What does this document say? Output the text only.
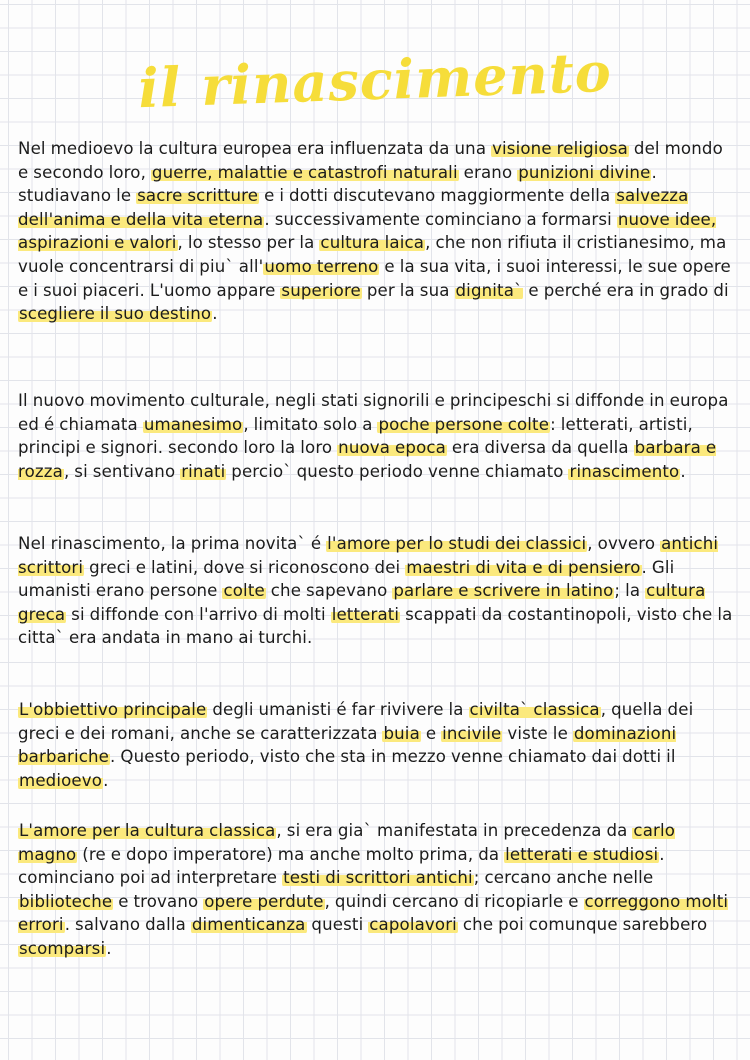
il rinascimento

Nel medioevo la cultura europea era influenzata da una visione religiosa del mondo e secondo loro, guerre, malattie e catastrofi naturali erano punizioni divine. studiavano le sacre scritture e i dotti discutevano maggiormente della salvezza dell'anima e della vita eterna. successivamente cominciano a formarsi nuove idee, aspirazioni e valori, lo stesso per la cultura laica, che non rifiuta il cristianesimo, ma vuole concentrarsi di piu` all'uomo terreno e la sua vita, i suoi interessi, le sue opere e i suoi piaceri. L'uomo appare superiore per la sua dignita` e perché era in grado di scegliere il suo destino.

Il nuovo movimento culturale, negli stati signorili e principeschi si diffonde in europa ed é chiamata umanesimo, limitato solo a poche persone colte: letterati, artisti, principi e signori. secondo loro la loro nuova epoca era diversa da quella barbara e rozza, si sentivano rinati percio` questo periodo venne chiamato rinascimento.

Nel rinascimento, la prima novita` é l'amore per lo studi dei classici, ovvero antichi scrittori greci e latini, dove si riconoscono dei maestri di vita e di pensiero. Gli umanisti erano persone colte che sapevano parlare e scrivere in latino; la cultura greca si diffonde con l'arrivo di molti letterati scappati da costantinopoli, visto che la citta` era andata in mano ai turchi.

L'obbiettivo principale degli umanisti é far rivivere la civilta` classica, quella dei greci e dei romani, anche se caratterizzata buia e incivile viste le dominazioni barbariche. Questo periodo, visto che sta in mezzo venne chiamato dai dotti il medioevo.

L'amore per la cultura classica, si era gia` manifestata in precedenza da carlo magno (re e dopo imperatore) ma anche molto prima, da letterati e studiosi. cominciano poi ad interpretare testi di scrittori antichi; cercano anche nelle biblioteche e trovano opere perdute, quindi cercano di ricopiarle e correggono molti errori. salvano dalla dimenticanza questi capolavori che poi comunque sarebbero scomparsi.
